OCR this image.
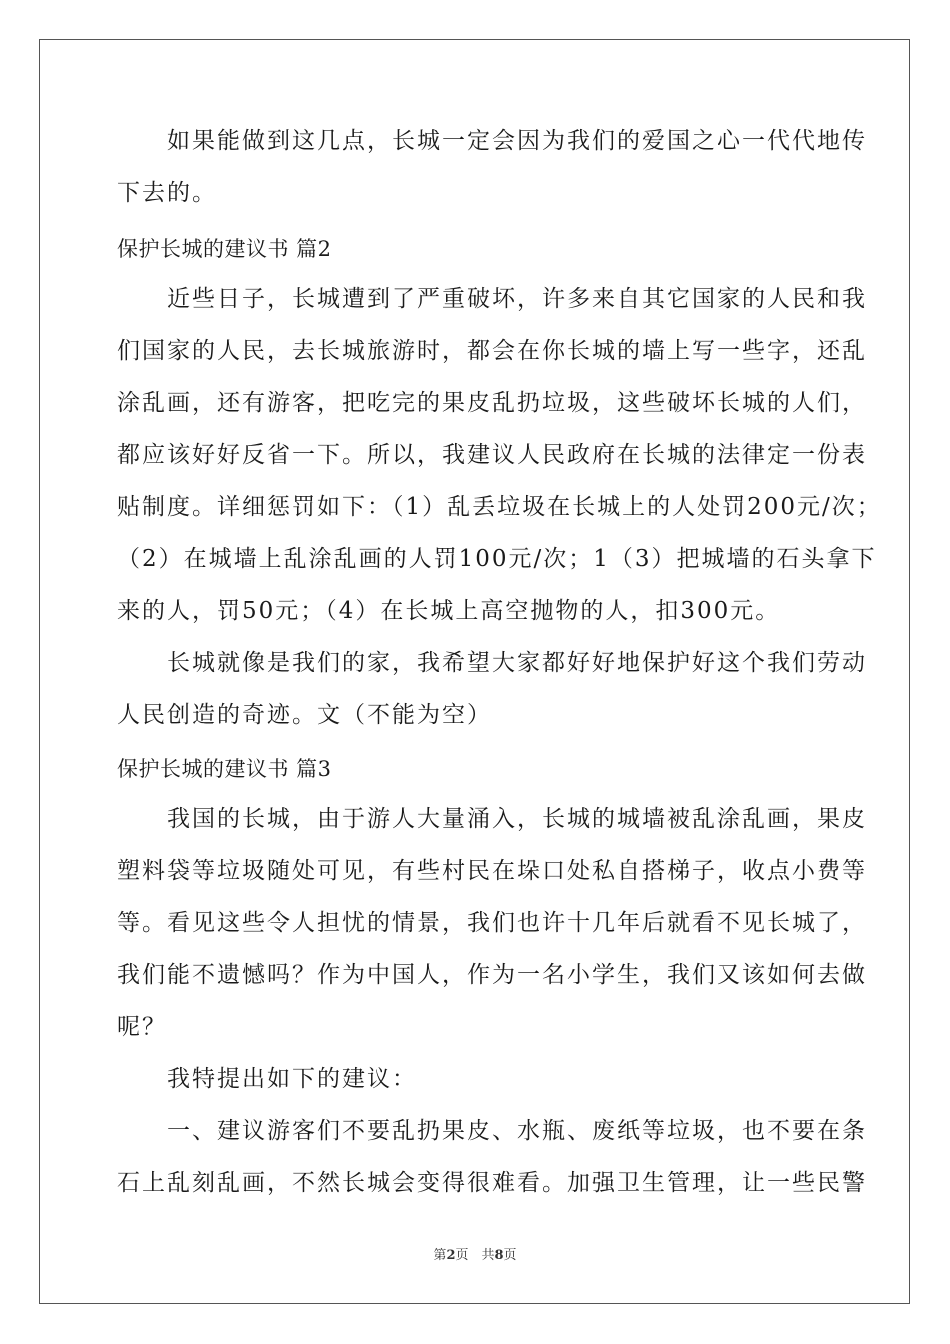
　　如果能做到这几点，长城一定会因为我们的爱国之心一代代地传
下去的。
保护长城的建议书 篇2
　　近些日子，长城遭到了严重破坏，许多来自其它国家的人民和我
们国家的人民，去长城旅游时，都会在你长城的墙上写一些字，还乱
涂乱画，还有游客，把吃完的果皮乱扔垃圾，这些破坏长城的人们，
都应该好好反省一下。所以，我建议人民政府在长城的法律定一份表
贴制度。详细惩罚如下：（1）乱丢垃圾在长城上的人处罚200元/次；
（2）在城墙上乱涂乱画的人罚100元/次；1（3）把城墙的石头拿下
来的人，罚50元；（4）在长城上高空抛物的人，扣300元。
　　长城就像是我们的家，我希望大家都好好地保护好这个我们劳动
人民创造的奇迹。文（不能为空）
保护长城的建议书 篇3
　　我国的长城，由于游人大量涌入，长城的城墙被乱涂乱画，果皮
塑料袋等垃圾随处可见，有些村民在垛口处私自搭梯子，收点小费等
等。看见这些令人担忧的情景，我们也许十几年后就看不见长城了，
我们能不遗憾吗？作为中国人，作为一名小学生，我们又该如何去做
呢？
　　我特提出如下的建议：
　　一、建议游客们不要乱扔果皮、水瓶、废纸等垃圾，也不要在条
石上乱刻乱画，不然长城会变得很难看。加强卫生管理，让一些民警
第2页　共8页
